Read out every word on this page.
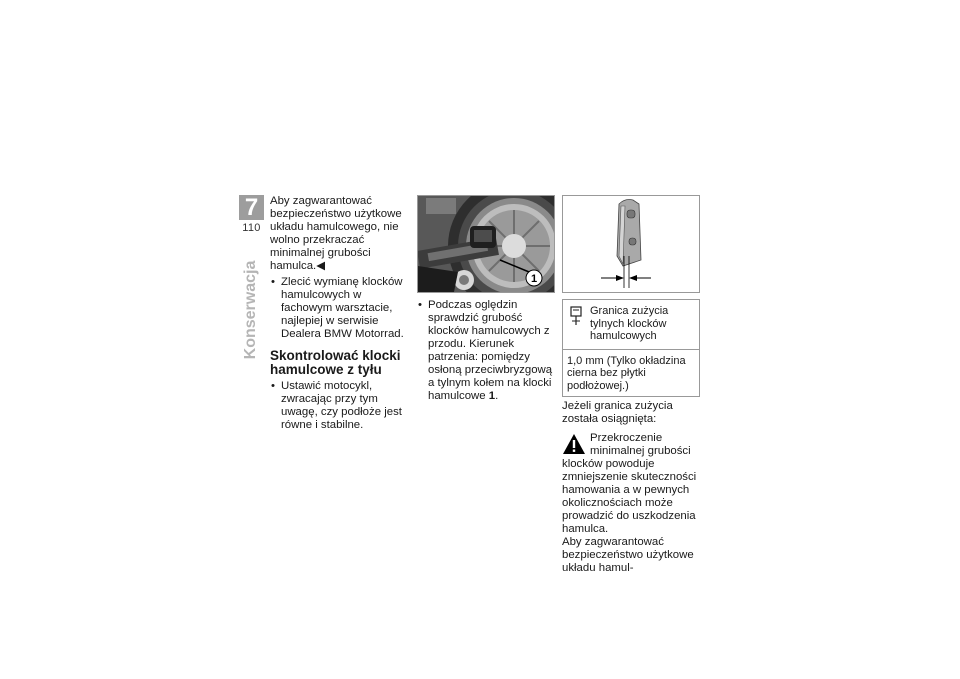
7
110
Konserwacja

Aby zagwarantować bezpieczeństwo użytkowe układu hamulcowego, nie wolno przekraczać minimalnej grubości hamulca.◀

• Zlecić wymianę klocków hamulcowych w fachowym warsztacie, najlepiej w serwisie Dealera BMW Motorrad.

Skontrolować klocki hamulcowe z tyłu

• Ustawić motocykl, zwracając przy tym uwagę, czy podłoże jest równe i stabilne.

1

• Podczas oględzin sprawdzić grubość klocków hamulcowych z przodu. Kierunek patrzenia: pomiędzy osłoną przeciwbryzgową a tylnym kołem na klocki hamulcowe 1.

Granica zużycia tylnych klocków hamulcowych
1,0 mm (Tylko okładzina cierna bez płytki podłożowej.)

Jeżeli granica zużycia została osiągnięta:

Przekroczenie minimalnej grubości klocków powoduje zmniejszenie skuteczności hamowania a w pewnych okolicznościach może prowadzić do uszkodzenia hamulca.

Aby zagwarantować bezpieczeństwo użytkowe układu hamul-
